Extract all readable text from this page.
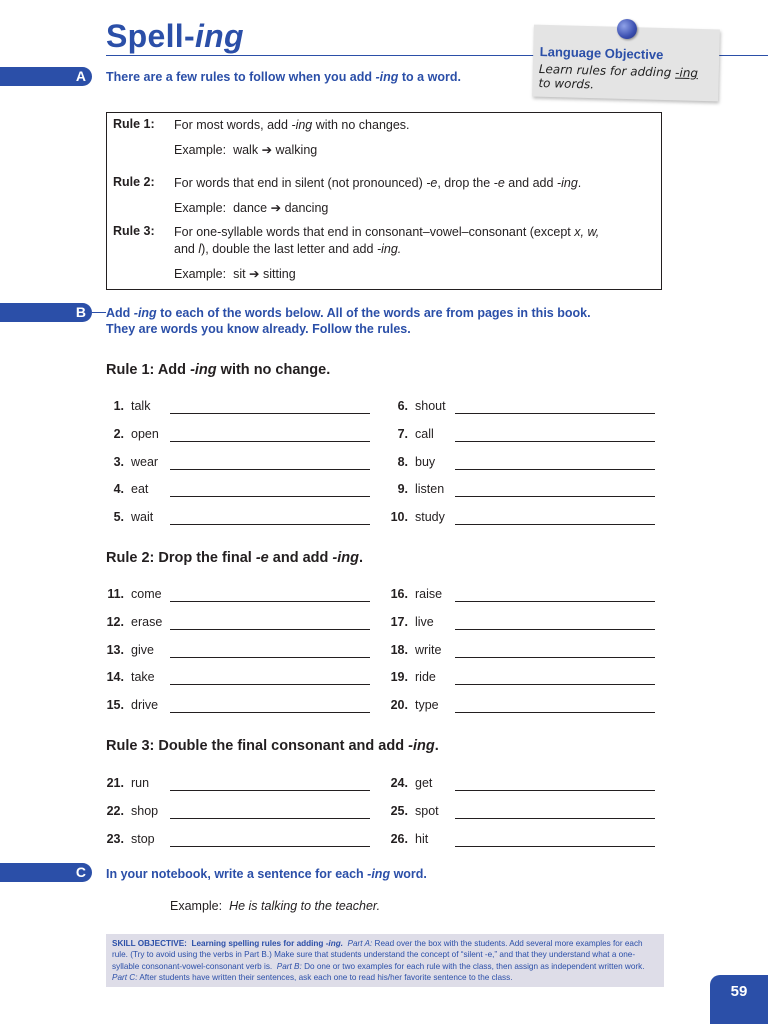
Spell-ing	Language Objective
Learn rules for adding -ing to words.
A There are a few rules to follow when you add -ing to a word.
Rule 1: For most words, add -ing with no changes.
Example: walk ➔ walking
Rule 2: For words that end in silent (not pronounced) -e, drop the -e and add -ing.
Example: dance ➔ dancing
Rule 3: For one-syllable words that end in consonant–vowel–consonant (except x, w,
and l), double the last letter and add -ing.
Example: sit ➔ sitting
B Add -ing to each of the words below. All of the words are from pages in this book.
They are words you know already. Follow the rules.
Rule 1: Add -ing with no change.
1. talk
2. open
3. wear
4. eat
5. wait
6. shout
7. call
8. buy
9. listen
10. study
Rule 2: Drop the final -e and add -ing.
11. come
12. erase
13. give
14. take
15. drive
16. raise
17. live
18. write
19. ride
20. type
Rule 3: Double the final consonant and add -ing.
21. run
22. shop
23. stop
24. get
25. spot
26. hit
C In your notebook, write a sentence for each -ing word.
Example: He is talking to the teacher.
SKILL OBJECTIVE: Learning spelling rules for adding -ing. Part A: Read over the box with the students. Add several more examples for each rule. (Try to avoid using the verbs in Part B.) Make sure that students understand the concept of “silent -e,” and that they understand what a one-syllable consonant-vowel-consonant verb is. Part B: Do one or two examples for each rule with the class, then assign as independent written work.  Part C: After students have written their sentences, ask each one to read his/her favorite sentence to the class.
59
